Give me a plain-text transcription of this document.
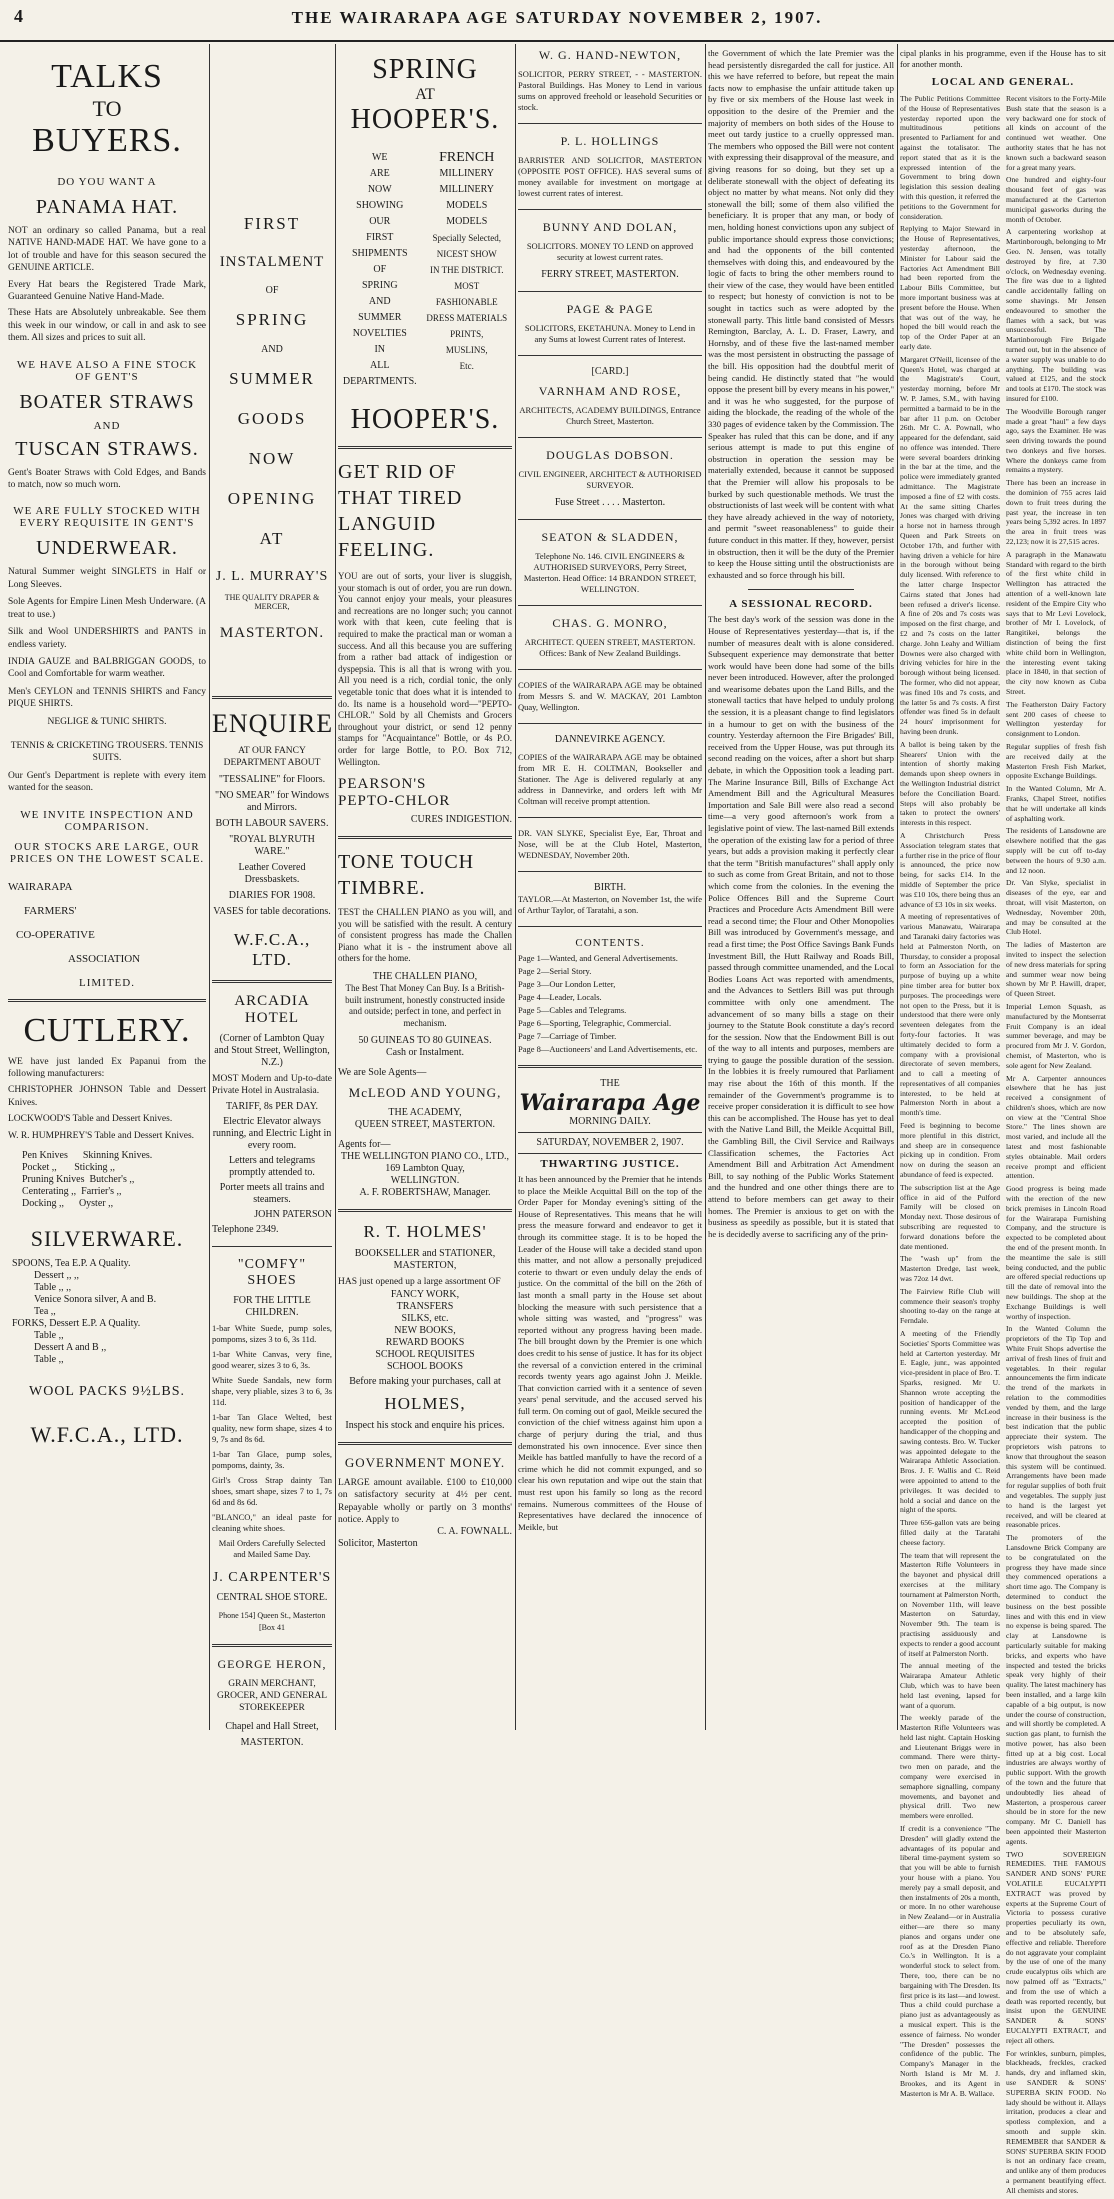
4	THE WAIRARAPA AGE SATURDAY NOVEMBER 2, 1907.
TALKS
TO
BUYERS.
DO YOU WANT A
PANAMA HAT.

NOT an ordinary so called Panama, but a real NATIVE HAND-MADE HAT. We have gone to a lot of trouble and have for this season secured the GENUINE ARTICLE.

Every Hat bears the Registered Trade Mark, Guaranteed Genuine Native Hand-Made.

These Hats are Absolutely unbreakable. See them this week in our window, or call in and ask to see them. All sizes and prices to suit all.

WE HAVE ALSO A FINE STOCK OF GENT'S
BOATER STRAWS
AND
TUSCAN STRAWS.

Gent's Boater Straws with Cold Edges, and Bands to match, now so much worn.

WE ARE FULLY STOCKED WITH EVERY REQUISITE IN GENT'S
UNDERWEAR.

Natural Summer weight SINGLETS in Half or Long Sleeves.

Sole Agents for Empire Linen Mesh Underware. (A treat to use.)

Silk and Wool UNDERSHIRTS and PANTS in endless variety.

INDIA GAUZE and BALBRIGGAN GOODS, to Cool and Comfortable for warm weather.

Men's CEYLON and TENNIS SHIRTS and Fancy PIQUE SHIRTS.

NEGLIGE & TUNIC SHIRTS.

TENNIS & CRICKETING TROUSERS. TENNIS SUITS.

Our Gent's Department is replete with every item wanted for the season.

WE INVITE INSPECTION AND COMPARISON.
OUR STOCKS ARE LARGE, OUR PRICES ON THE LOWEST SCALE.
WAIRARAPA
FARMERS'
CO-OPERATIVE
ASSOCIATION
LIMITED.
CUTLERY.

WE have just landed Ex Papanui from the following manufacturers:

CHRISTOPHER JOHNSON Table and Dessert Knives.

LOCKWOOD'S Table and Dessert Knives.

W. R. HUMPHREY'S Table and Dessert Knives.

Pen Knives      Skinning Knives.
Pocket ,,       Sticking ,,
Pruning Knives  Butcher's ,,
Centerating ,,  Farrier's ,,
Docking ,,      Oyster ,,
SILVERWARE.
SPOONS, Tea E.P. A Quality.
Dessert ,, ,,
Table ,, ,,
Venice Sonora silver, A and B.
Tea ,,
FORKS, Dessert E.P. A Quality.
Table ,,
Dessert A and B ,,
Table ,,
WOOL PACKS 9½LBS.
W.F.C.A., LTD.
FIRST
INSTALMENT
OF
SPRING
AND
SUMMER
GOODS
NOW
OPENING
AT
J. L. MURRAY'S
THE QUALITY DRAPER & MERCER,
MASTERTON.
ENQUIRE

AT OUR FANCY DEPARTMENT ABOUT

"TESSALINE" for Floors.
"NO SMEAR" for Windows and Mirrors.
BOTH LABOUR SAVERS.
"ROYAL BLYRUTH WARE."
Leather Covered Dressbaskets.
DIARIES FOR 1908.
VASES for table decorations.
W.F.C.A., LTD.
ARCADIA HOTEL
(Corner of Lambton Quay and Stout Street, Wellington, N.Z.)

MOST Modern and Up-to-date Private Hotel in Australasia.

TARIFF, 8s PER DAY.
Electric Elevator always running, and Electric Light in every room.
Letters and telegrams promptly attended to.
Porter meets all trains and steamers.
JOHN PATERSON
Telephone 2349.
"COMFY" SHOES
FOR THE LITTLE CHILDREN.

1-bar White Suede, pump soles, pompoms, sizes 3 to 6, 3s 11d.

1-bar White Canvas, very fine, good wearer, sizes 3 to 6, 3s.

White Suede Sandals, new form shape, very pliable, sizes 3 to 6, 3s 11d.

1-bar Tan Glace Welted, best quality, new form shape, sizes 4 to 9, 7s and 8s 6d.

1-bar Tan Glace, pump soles, pompoms, dainty, 3s.

Girl's Cross Strap dainty Tan shoes, smart shape, sizes 7 to 1, 7s 6d and 8s 6d.

"BLANCO," an ideal paste for cleaning white shoes.

Mail Orders Carefully Selected and Mailed Same Day.

J. CARPENTER'S
CENTRAL SHOE STORE.
Phone 154] Queen St., Masterton [Box 41
GEORGE HERON,

GRAIN MERCHANT, GROCER, AND GENERAL STOREKEEPER

Chapel and Hall Street,
MASTERTON.
SPRING
AT
HOOPER'S.
WE
ARE
NOW
SHOWING
OUR
FIRST
SHIPMENTS
OF
SPRING
AND
SUMMER
NOVELTIES
IN
ALL
DEPARTMENTS.
FRENCH
MILLINERY
MILLINERY
MODELS
MODELS
Specially Selected,
NICEST SHOW
IN THE DISTRICT.
MOST
FASHIONABLE
DRESS MATERIALS
PRINTS,
MUSLINS,
Etc.
HOOPER'S.
GET RID OF THAT TIRED LANGUID FEELING.

YOU are out of sorts, your liver is sluggish, your stomach is out of order, you are run down. You cannot enjoy your meals, your pleasures and recreations are no longer such; you cannot work with that keen, cute feeling that is required to make the practical man or woman a success. And all this because you are suffering from a rather bad attack of indigestion or dyspepsia. This is all that is wrong with you. All you need is a rich, cordial tonic, the only vegetable tonic that does what it is intended to do. Its name is a household word—"PEPTO-CHLOR." Sold by all Chemists and Grocers throughout your district, or send 12 penny stamps for "Acquaintance" Bottle, or 4s P.O. order for large Bottle, to P.O. Box 712, Wellington.

PEARSON'S
PEPTO-CHLOR
CURES INDIGESTION.
TONE TOUCH TIMBRE.

TEST the CHALLEN PIANO as you will, and you will be satisfied with the result. A century of consistent progress has made the Challen Piano what it is - the instrument above all others for the home.

THE CHALLEN PIANO,

The Best That Money Can Buy. Is a British-built instrument, honestly constructed inside and outside; perfect in tone, and perfect in mechanism.

50 GUINEAS TO 80 GUINEAS.
Cash or Instalment.
We are Sole Agents—
McLEOD AND YOUNG,
THE ACADEMY,
QUEEN STREET, MASTERTON.
Agents for—
THE WELLINGTON PIANO CO., LTD.,
169 Lambton Quay,
WELLINGTON.
A. F. ROBERTSHAW, Manager.
R. T. HOLMES'
BOOKSELLER and STATIONER,
MASTERTON,

HAS just opened up a large assortment OF

FANCY WORK,
TRANSFERS
SILKS, etc.
NEW BOOKS,
REWARD BOOKS
SCHOOL REQUISITES
SCHOOL BOOKS
Before making your purchases, call at
HOLMES,
Inspect his stock and enquire his prices.
GOVERNMENT MONEY.

LARGE amount available. £100 to £10,000 on satisfactory security at 4½ per cent. Repayable wholly or partly on 3 months' notice. Apply to

C. A. FOWNALL.
Solicitor, Masterton
W. G. HAND-NEWTON,

SOLICITOR, PERRY STREET, - - MASTERTON. Pastoral Buildings. Has Money to Lend in various sums on approved freehold or leasehold Securities or stock.

P. L. HOLLINGS

BARRISTER AND SOLICITOR, MASTERTON (OPPOSITE POST OFFICE). HAS several sums of money available for investment on mortgage at lowest current rates of interest.

BUNNY AND DOLAN,

SOLICITORS. MONEY TO LEND on approved security at lowest current rates.

FERRY STREET, MASTERTON.
PAGE & PAGE

SOLICITORS, EKETAHUNA. Money to Lend in any Sums at lowest Current rates of Interest.

[CARD.]
VARNHAM AND ROSE,

ARCHITECTS, ACADEMY BUILDINGS, Entrance Church Street, Masterton.

DOUGLAS DOBSON.

CIVIL ENGINEER, ARCHITECT & AUTHORISED SURVEYOR.

Fuse Street . . . . Masterton.
SEATON & SLADDEN,

Telephone No. 146. CIVIL ENGINEERS & AUTHORISED SURVEYORS, Perry Street, Masterton. Head Office: 14 BRANDON STREET, WELLINGTON.

CHAS. G. MONRO,

ARCHITECT. QUEEN STREET, MASTERTON. Offices: Bank of New Zealand Buildings.

COPIES of the WAIRARAPA AGE may be obtained from Messrs S. and W. MACKAY, 201 Lambton Quay, Wellington.

DANNEVIRKE AGENCY.

COPIES of the WAIRARAPA AGE may be obtained from MR E. H. COLTMAN, Bookseller and Stationer. The Age is delivered regularly at any address in Dannevirke, and orders left with Mr Coltman will receive prompt attention.

DR. VAN SLYKE, Specialist Eye, Ear, Throat and Nose, will be at the Club Hotel, Masterton, WEDNESDAY, November 20th.

BIRTH.

TAYLOR.—At Masterton, on November 1st, the wife of Arthur Taylor, of Taratahi, a son.

CONTENTS.
Page 1—Wanted, and General Advertisements.
Page 2—Serial Story.
Page 3—Our London Letter,
Page 4—Leader, Locals.
Page 5—Cables and Telegrams.
Page 6—Sporting, Telegraphic, Commercial.
Page 7—Carriage of Timber.
Page 8—Auctioneers' and Land Advertisements, etc.
THE
Wairarapa Age
MORNING DAILY.
SATURDAY, NOVEMBER 2, 1907.
THWARTING JUSTICE.

It has been announced by the Premier that he intends to place the Meikle Acquittal Bill on the top of the Order Paper for Monday evening's sitting of the House of Representatives. This means that he will press the measure forward and endeavor to get it through its committee stage. It is to be hoped the Leader of the House will take a decided stand upon this matter, and not allow a personally prejudiced coterie to thwart or even unduly delay the ends of justice. On the committal of the bill on the 26th of last month a small party in the House set about blocking the measure with such persistence that a whole sitting was wasted, and "progress" was reported without any progress having been made. The bill brought down by the Premier is one which does credit to his sense of justice. It has for its object the reversal of a conviction entered in the criminal records twenty years ago against John J. Meikle. That conviction carried with it a sentence of seven years' penal servitude, and the accused served his full term. On coming out of gaol, Meikle secured the conviction of the chief witness against him upon a charge of perjury during the trial, and thus demonstrated his own innocence. Ever since then Meikle has battled manfully to have the record of a crime which he did not commit expunged, and so clear his own reputation and wipe out the stain that must rest upon his family so long as the record remains. Numerous committees of the House of Representatives have declared the innocence of Meikle, but

the Government of which the late Premier was the head persistently disregarded the call for justice. All this we have referred to before, but repeat the main facts now to emphasise the unfair attitude taken up by five or six members of the House last week in opposition to the desire of the Premier and the majority of members on both sides of the House to meet out tardy justice to a cruelly oppressed man. The members who opposed the Bill were not content with expressing their disapproval of the measure, and giving reasons for so doing, but they set up a deliberate stonewall with the object of defeating its object no matter by what means. Not only did they stonewall the bill; some of them also vilified the beneficiary. It is proper that any man, or body of men, holding honest convictions upon any subject of public importance should express those convictions; and had the opponents of the bill contented themselves with doing this, and endeavoured by the logic of facts to bring the other members round to their view of the case, they would have been entitled to respect; but honesty of conviction is not to be sought in tactics such as were adopted by the stonewall party. This little band consisted of Messrs Remington, Barclay, A. L. D. Fraser, Lawry, and Hornsby, and of these five the last-named member was the most persistent in obstructing the passage of the bill. His opposition had the doubtful merit of being candid. He distinctly stated that "he would oppose the present bill by every means in his power," and it was he who suggested, for the purpose of aiding the blockade, the reading of the whole of the 330 pages of evidence taken by the Commission. The Speaker has ruled that this can be done, and if any serious attempt is made to put this engine of obstruction in operation the session may be materially extended, because it cannot be supposed that the Premier will allow his proposals to be burked by such questionable methods. We trust the obstructionists of last week will be content with what they have already achieved in the way of notoriety, and permit "sweet reasonableness" to guide their future conduct in this matter. If they, however, persist in obstruction, then it will be the duty of the Premier to keep the House sitting until the obstructionists are exhausted and so force through his bill.

A SESSIONAL RECORD.

The best day's work of the session was done in the House of Representatives yesterday—that is, if the number of measures dealt with is alone considered. Subsequent experience may demonstrate that better work would have been done had some of the bills never been introduced. However, after the prolonged and wearisome debates upon the Land Bills, and the stonewall tactics that have helped to unduly prolong the session, it is a pleasant change to find legislators in a humour to get on with the business of the country. Yesterday afternoon the Fire Brigades' Bill, received from the Upper House, was put through its second reading on the voices, after a short but sharp debate, in which the Opposition took a leading part. The Marine Insurance Bill, Bills of Exchange Act Amendment Bill and the Agricultural Measures Importation and Sale Bill were also read a second time—a very good afternoon's work from a legislative point of view. The last-named Bill extends the operation of the existing law for a period of three years, but adds a provision making it perfectly clear that the term "British manufactures" shall apply only to such as come from Great Britain, and not to those which come from the colonies. In the evening the Police Offences Bill and the Supreme Court Practices and Procedure Acts Amendment Bill were read a second time; the Flour and Other Monopolies Bill was introduced by Government's message, and read a first time; the Post Office Savings Bank Funds Investment Bill, the Hutt Railway and Roads Bill, passed through committee unamended, and the Local Bodies Loans Act was reported with amendments, and the Advances to Settlers Bill was put through committee with only one amendment. The advancement of so many bills a stage on their journey to the Statute Book constitute a day's record for the session. Now that the Endowment Bill is out of the way to all intents and purposes, members are trying to gauge the possible duration of the session. In the lobbies it is freely rumoured that Parliament may rise about the 16th of this month. If the remainder of the Government's programme is to receive proper consideration it is difficult to see how this can be accomplished. The House has yet to deal with the Native Land Bill, the Meikle Acquittal Bill, the Gambling Bill, the Civil Service and Railways Classification schemes, the Factories Act Amendment Bill and Arbitration Act Amendment Bill, to say nothing of the Public Works Statement and the hundred and one other things there are to attend to before members can get away to their homes. The Premier is anxious to get on with the business as speedily as possible, but it is stated that he is decidedly averse to sacrificing any of the prin-

cipal planks in his programme, even if the House has to sit for another month.

LOCAL AND GENERAL.

The Public Petitions Committee of the House of Representatives yesterday reported upon the multitudinous petitions presented to Parliament for and against the totalisator. The report stated that as it is the expressed intention of the Government to bring down legislation this session dealing with this question, it referred the petitions to the Government for consideration.

Replying to Major Steward in the House of Representatives, yesterday afternoon, the Minister for Labour said the Factories Act Amendment Bill had been reported from the Labour Bills Committee, but more important business was at present before the House. When that was out of the way, he hoped the bill would reach the top of the Order Paper at an early date.

Margaret O'Neill, licensee of the Queen's Hotel, was charged at the Magistrate's Court, yesterday morning, before Mr W. P. James, S.M., with having permitted a barmaid to be in the bar after 11 p.m. on October 26th. Mr C. A. Pownall, who appeared for the defendant, said no offence was intended. There were several boarders drinking in the bar at the time, and the police were immediately granted admittance. The Magistrate imposed a fine of £2 with costs. At the same sitting Charles Jones was charged with driving a horse not in harness through Queen and Park Streets on October 17th, and further with having driven a vehicle for hire in the borough without being duly licensed. With reference to the latter charge Inspector Cairns stated that Jones had been refused a driver's license. A fine of 20s and 7s costs was imposed on the first charge, and £2 and 7s costs on the latter charge. John Leahy and William Downes were also charged with driving vehicles for hire in the borough without being licensed. The former, who did not appear, was fined 10s and 7s costs, and the latter 5s and 7s costs. A first offender was fined 5s in default 24 hours' imprisonment for having been drunk.

A ballot is being taken by the Shearers' Union with the intention of shortly making demands upon sheep owners in the Wellington Industrial district before the Conciliation Board. Steps will also probably be taken to protect the owners' interests in this respect.

A Christchurch Press Association telegram states that a further rise in the price of flour is announced, the price now being, for sacks £14. In the middle of September the price was £10 10s, there being thus an advance of £3 10s in six weeks.

A meeting of representatives of various Manawatu, Wairarapa and Taranaki dairy factories was held at Palmerston North, on Thursday, to consider a proposal to form an Association for the purpose of buying up a white pine timber area for butter box purposes. The proceedings were not open to the Press, but it is understood that there were only seventeen delegates from the forty-four factories. It was ultimately decided to form a company with a provisional directorate of seven members, and to call a meeting of representatives of all companies interested, to be held at Palmerston North in about a month's time.

Feed is beginning to become more plentiful in this district, and sheep are in consequence picking up in condition. From now on during the season an abundance of feed is expected.

The subscription list at the Age office in aid of the Pulford Family will be closed on Monday next. Those desirous of subscribing are requested to forward donations before the date mentioned.

The "wash up" from the Masterton Dredge, last week, was 72oz 14 dwt.

The Fairview Rifle Club will commence their season's trophy shooting to-day on the range at Ferndale.

A meeting of the Friendly Societies' Sports Committee was held at Carterton yesterday. Mr E. Eagle, junr., was appointed vice-president in place of Bro. T. Sparks, resigned. Mr U. Shannon wrote accepting the position of handicapper of the running events. Mr McLeod accepted the position of handicapper of the chopping and sawing contests. Bro. W. Tucker was appointed delegate to the Wairarapa Athletic Association. Bros. J. F. Wallis and C. Reid were appointed to attend to the privileges. It was decided to hold a social and dance on the night of the sports.

Three 656-gallon vats are being filled daily at the Taratahi cheese factory.

The team that will represent the Masterton Rifle Volunteers in the bayonet and physical drill exercises at the military tournament at Palmerston North, on November 11th, will leave Masterton on Saturday, November 9th. The team is practising assiduously and expects to render a good account of itself at Palmerston North.

The annual meeting of the Wairarapa Amateur Athletic Club, which was to have been held last evening, lapsed for want of a quorum.

The weekly parade of the Masterton Rifle Volunteers was held last night. Captain Hosking and Lieutenant Briggs were in command. There were thirty-two men on parade, and the company were exercised in semaphore signalling, company movements, and bayonet and physical drill. Two new members were enrolled.

If credit is a convenience "The Dresden" will gladly extend the advantages of its popular and liberal time-payment system so that you will be able to furnish your house with a piano. You merely pay a small deposit, and then instalments of 20s a month, or more. In no other warehouse in New Zealand—or in Australia either—are there so many pianos and organs under one roof as at the Dresden Piano Co.'s in Wellington. It is a wonderful stock to select from. There, too, there can be no bargaining with The Dresden. Its first price is its last—and lowest. Thus a child could purchase a piano just as advantageously as a musical expert. This is the essence of fairness. No wonder "The Dresden" possesses the confidence of the public. The Company's Manager in the North Island is Mr M. J. Brookes, and its Agent in Masterton is Mr A. B. Wallace.

Recent visitors to the Forty-Mile Bush state that the season is a very backward one for stock of all kinds on account of the continued wet weather. One authority states that he has not known such a backward season for a great many years.

One hundred and eighty-four thousand feet of gas was manufactured at the Carterton municipal gasworks during the month of October.

A carpentering workshop at Martinborough, belonging to Mr Geo. N. Jensen, was totally destroyed by fire, at 7.30 o'clock, on Wednesday evening. The fire was due to a lighted candle accidentally falling on some shavings. Mr Jensen endeavoured to smother the flames with a sack, but was unsuccessful. The Martinborough Fire Brigade turned out, but in the absence of a water supply was unable to do anything. The building was valued at £125, and the stock and tools at £170. The stock was insured for £100.

The Woodville Borough ranger made a great "haul" a few days ago, says the Examiner. He was seen driving towards the pound two donkeys and five horses. Where the donkeys came from remains a mystery.

There has been an increase in the dominion of 755 acres laid down to fruit trees during the past year, the increase in ten years being 5,392 acres. In 1897 the area in fruit trees was 22,123; now it is 27,515 acres.

A paragraph in the Manawatu Standard with regard to the birth of the first white child in Wellington has attracted the attention of a well-known late resident of the Empire City who says that to Mr Levi Lovelock, brother of Mr I. Lovelock, of Rangitikei, belongs the distinction of being the first white child born in Wellington, the interesting event taking place in 1840, in that section of the city now known as Cuba Street.

The Featherston Dairy Factory sent 200 cases of cheese to Wellington yesterday for consignment to London.

Regular supplies of fresh fish are received daily at the Masterton Fresh Fish Market, opposite Exchange Buildings.

In the Wanted Column, Mr A. Franks, Chapel Street, notifies that he will undertake all kinds of asphalting work.

The residents of Lansdowne are elsewhere notified that the gas supply will be cut off to-day between the hours of 9.30 a.m. and 12 noon.

Dr. Van Slyke, specialist in diseases of the eye, ear and throat, will visit Masterton, on Wednesday, November 20th, and may be consulted at the Club Hotel.

The ladies of Masterton are invited to inspect the selection of new dress materials for spring and summer wear now being shown by Mr P. Hawill, draper, of Queen Street.

Imperial Lemon Squash, as manufactured by the Montserrat Fruit Company is an ideal summer beverage, and may be procured from Mr J. V. Gordon, chemist, of Masterton, who is sole agent for New Zealand.

Mr A. Carpenter announces elsewhere that he has just received a consignment of children's shoes, which are now on view at the "Central Shoe Store." The lines shown are most varied, and include all the latest and most fashionable styles obtainable. Mail orders receive prompt and efficient attention.

Good progress is being made with the erection of the new brick premises in Lincoln Road for the Wairarapa Furnishing Company, and the structure is expected to be completed about the end of the present month. In the meantime the sale is still being conducted, and the public are offered special reductions up till the date of removal into the new buildings. The shop at the Exchange Buildings is well worthy of inspection.

In the Wanted Column the proprietors of the Tip Top and White Fruit Shops advertise the arrival of fresh lines of fruit and vegetables. In their regular announcements the firm indicate the trend of the markets in relation to the commodities vended by them, and the large increase in their business is the best indication that the public appreciate their system. The proprietors wish patrons to know that throughout the season this system will be continued. Arrangements have been made for regular supplies of both fruit and vegetables. The supply just to hand is the largest yet received, and will be cleared at reasonable prices.

The promoters of the Lansdowne Brick Company are to be congratulated on the progress they have made since they commenced operations a short time ago. The Company is determined to conduct the business on the best possible lines and with this end in view no expense is being spared. The clay at Lansdowne is particularly suitable for making bricks, and experts who have inspected and tested the bricks speak very highly of their quality. The latest machinery has been installed, and a large kiln capable of a big output, is now under the course of construction, and will shortly be completed. A suction gas plant, to furnish the motive power, has also been fitted up at a big cost. Local industries are always worthy of public support. With the growth of the town and the future that undoubtedly lies ahead of Masterton, a prosperous career should be in store for the new company. Mr C. Daniell has been appointed their Masterton agents.

TWO SOVEREIGN REMEDIES. THE FAMOUS SANDER AND SONS' PURE VOLATILE EUCALYPTI EXTRACT was proved by experts at the Supreme Court of Victoria to possess curative properties peculiarly its own, and to be absolutely safe, effective and reliable. Therefore do not aggravate your complaint by the use of one of the many crude eucalyptus oils which are now palmed off as "Extracts," and from the use of which a death was reported recently, but insist upon the GENUINE SANDER & SONS' EUCALYPTI EXTRACT, and reject all others.

For wrinkles, sunburn, pimples, blackheads, freckles, cracked hands, dry and inflamed skin, use SANDER & SONS' SUPERBA SKIN FOOD. No lady should be without it. Allays irritation, produces a clear and spotless complexion, and a smooth and supple skin. REMEMBER that SANDER & SONS' SUPERBA SKIN FOOD is not an ordinary face cream, and unlike any of them produces a permanent beautifying effect. All chemists and stores.
